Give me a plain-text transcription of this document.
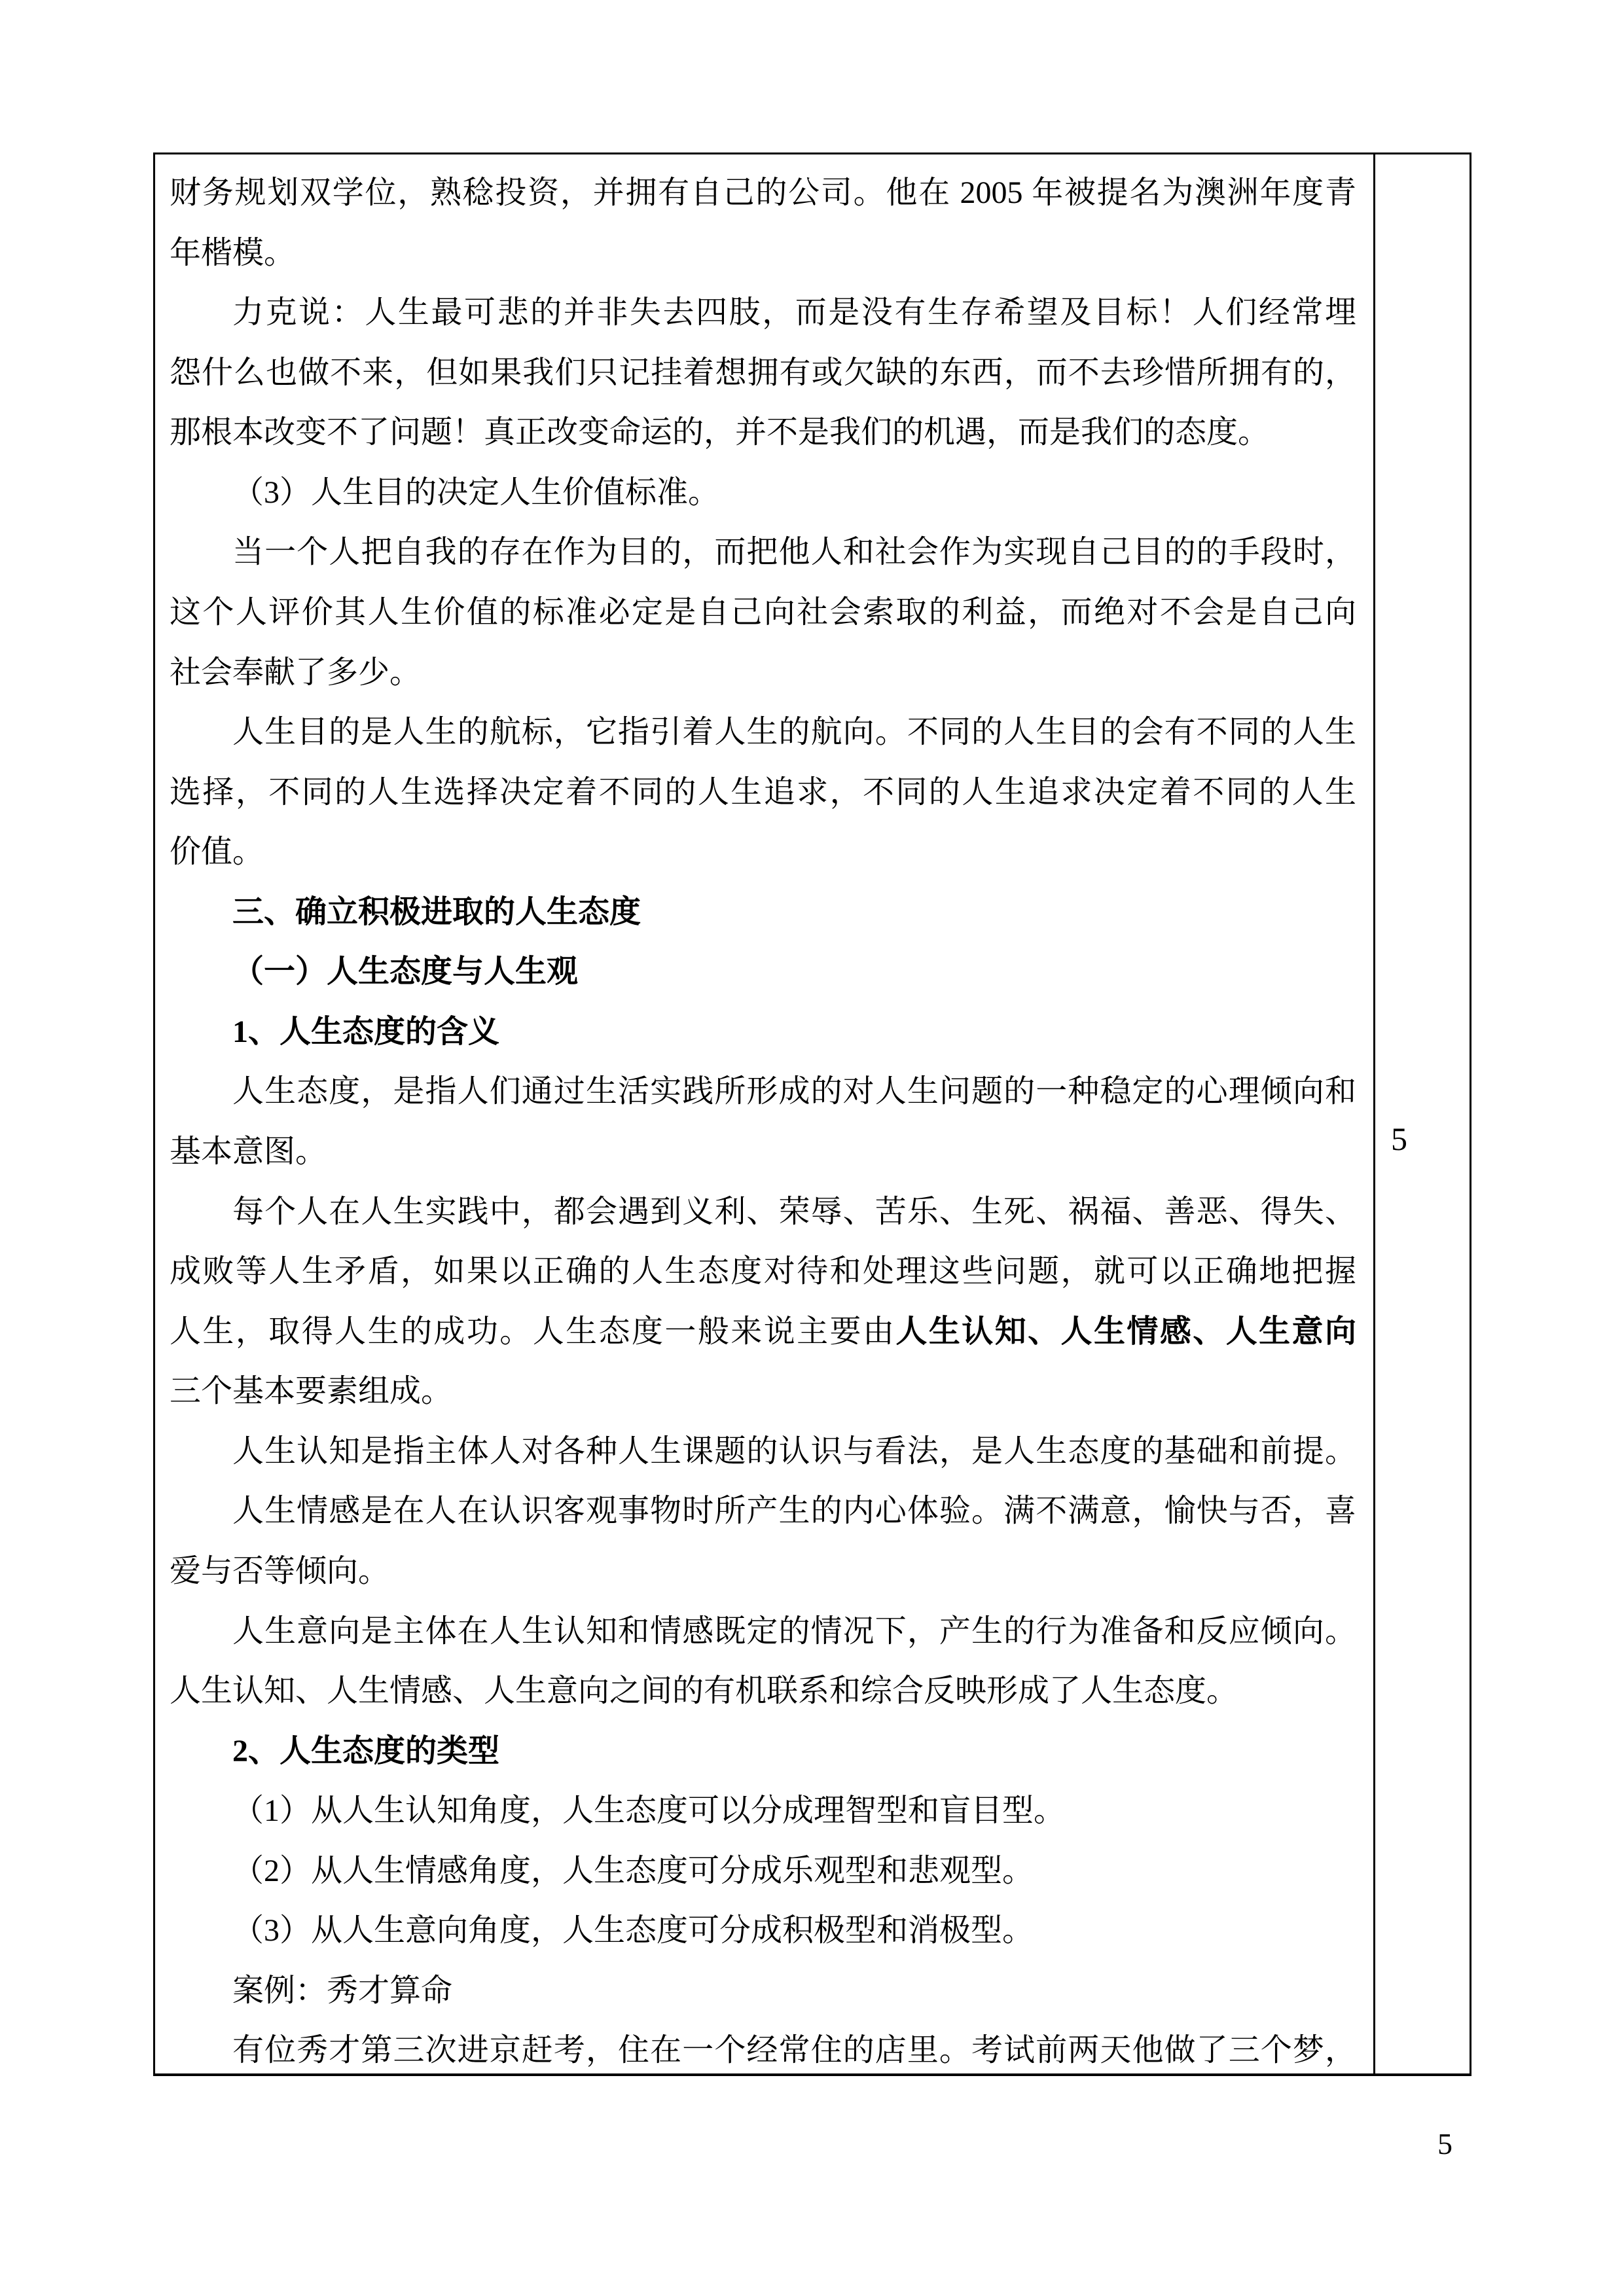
财务规划双学位，熟稔投资，并拥有自己的公司。他在 2005 年被提名为澳洲年度青
年楷模。
力克说：人生最可悲的并非失去四肢，而是没有生存希望及目标！人们经常埋
怨什么也做不来，但如果我们只记挂着想拥有或欠缺的东西，而不去珍惜所拥有的，
那根本改变不了问题！真正改变命运的，并不是我们的机遇，而是我们的态度。
（3）人生目的决定人生价值标准。
当一个人把自我的存在作为目的，而把他人和社会作为实现自己目的的手段时，
这个人评价其人生价值的标准必定是自己向社会索取的利益，而绝对不会是自己向
社会奉献了多少。
人生目的是人生的航标，它指引着人生的航向。不同的人生目的会有不同的人生
选择，不同的人生选择决定着不同的人生追求，不同的人生追求决定着不同的人生
价值。
三、确立积极进取的人生态度
（一）人生态度与人生观
1、人生态度的含义
人生态度，是指人们通过生活实践所形成的对人生问题的一种稳定的心理倾向和
基本意图。
每个人在人生实践中，都会遇到义利、荣辱、苦乐、生死、祸福、善恶、得失、
成败等人生矛盾，如果以正确的人生态度对待和处理这些问题，就可以正确地把握
人生，取得人生的成功。人生态度一般来说主要由人生认知、人生情感、人生意向
三个基本要素组成。
人生认知是指主体人对各种人生课题的认识与看法，是人生态度的基础和前提。
人生情感是在人在认识客观事物时所产生的内心体验。满不满意，愉快与否，喜
爱与否等倾向。
人生意向是主体在人生认知和情感既定的情况下，产生的行为准备和反应倾向。
人生认知、人生情感、人生意向之间的有机联系和综合反映形成了人生态度。
2、人生态度的类型
（1）从人生认知角度，人生态度可以分成理智型和盲目型。
（2）从人生情感角度，人生态度可分成乐观型和悲观型。
（3）从人生意向角度，人生态度可分成积极型和消极型。
案例：秀才算命
有位秀才第三次进京赶考，住在一个经常住的店里。考试前两天他做了三个梦，
5
5
